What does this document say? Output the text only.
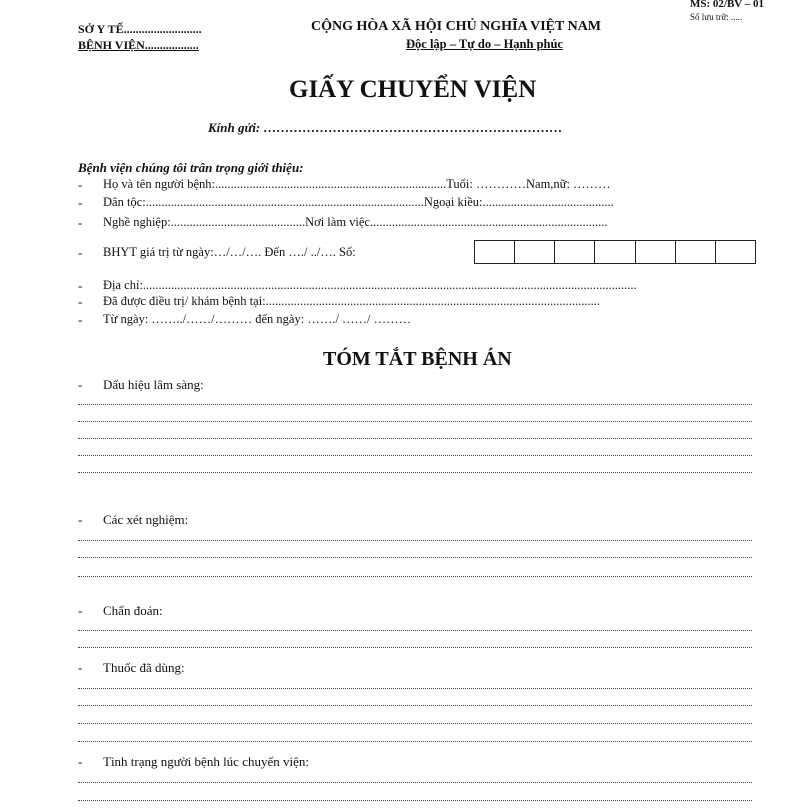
MS: 02/BV – 01
Số lưu trữ: .....
SỞ Y TẾ..........................
BỆNH VIỆN..................
CỘNG HÒA XÃ HỘI CHỦ NGHĨA VIỆT NAM
Độc lập – Tự do – Hạnh phúc
GIẤY CHUYỂN VIỆN
Kính gửi: ……………………………………………………………
Bệnh viện chúng tôi trân trọng giới thiệu:
- Họ và tên người bệnh:..........................................................................Tuổi: …………Nam,nữ: ………
- Dân tộc:.........................................................................................Ngoại kiều:..........................................
- Nghề nghiệp:...........................................Nơi làm việc............................................................................
- BHYT giá trị từ ngày:…/…/…. Đến …./ ../…. Số:
- Địa chỉ:..............................................................................................................................................................
- Đã được điều trị/ khám bệnh tại:...........................................................................................................
- Từ ngày: ……../……/……… đến ngày: ……./ ……/ ………
TÓM TẮT BỆNH ÁN
- Dấu hiệu lâm sàng:
- Các xét nghiệm:
- Chẩn đoán:
- Thuốc đã dùng:
- Tình trạng người bệnh lúc chuyển viện:
